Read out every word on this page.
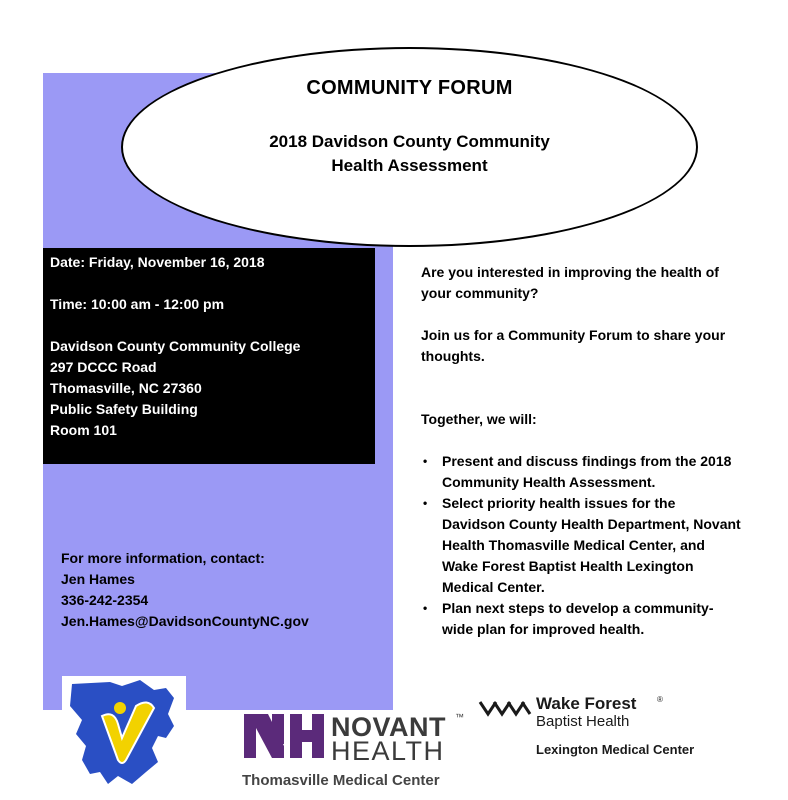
COMMUNITY FORUM
2018 Davidson County Community
Health Assessment
Date: Friday, November 16, 2018
Time: 10:00 am - 12:00 pm
Davidson County Community College
297 DCCC Road
Thomasville, NC 27360
Public Safety Building
Room 101
For more information, contact:
Jen Hames
336-242-2354
Jen.Hames@DavidsonCountyNC.gov

Are you interested in improving the health of your community?

Join us for a Community Forum to share your thoughts.

Together, we will:

• Present and discuss findings from the 2018 Community Health Assessment.
• Select priority health issues for the Davidson County Health Department, Novant Health Thomasville Medical Center, and Wake Forest Baptist Health Lexington Medical Center.
• Plan next steps to develop a community-wide plan for improved health.
NOVANT ™
HEALTH
Thomasville Medical Center
Wake Forest	®
Baptist Health
Lexington Medical Center
